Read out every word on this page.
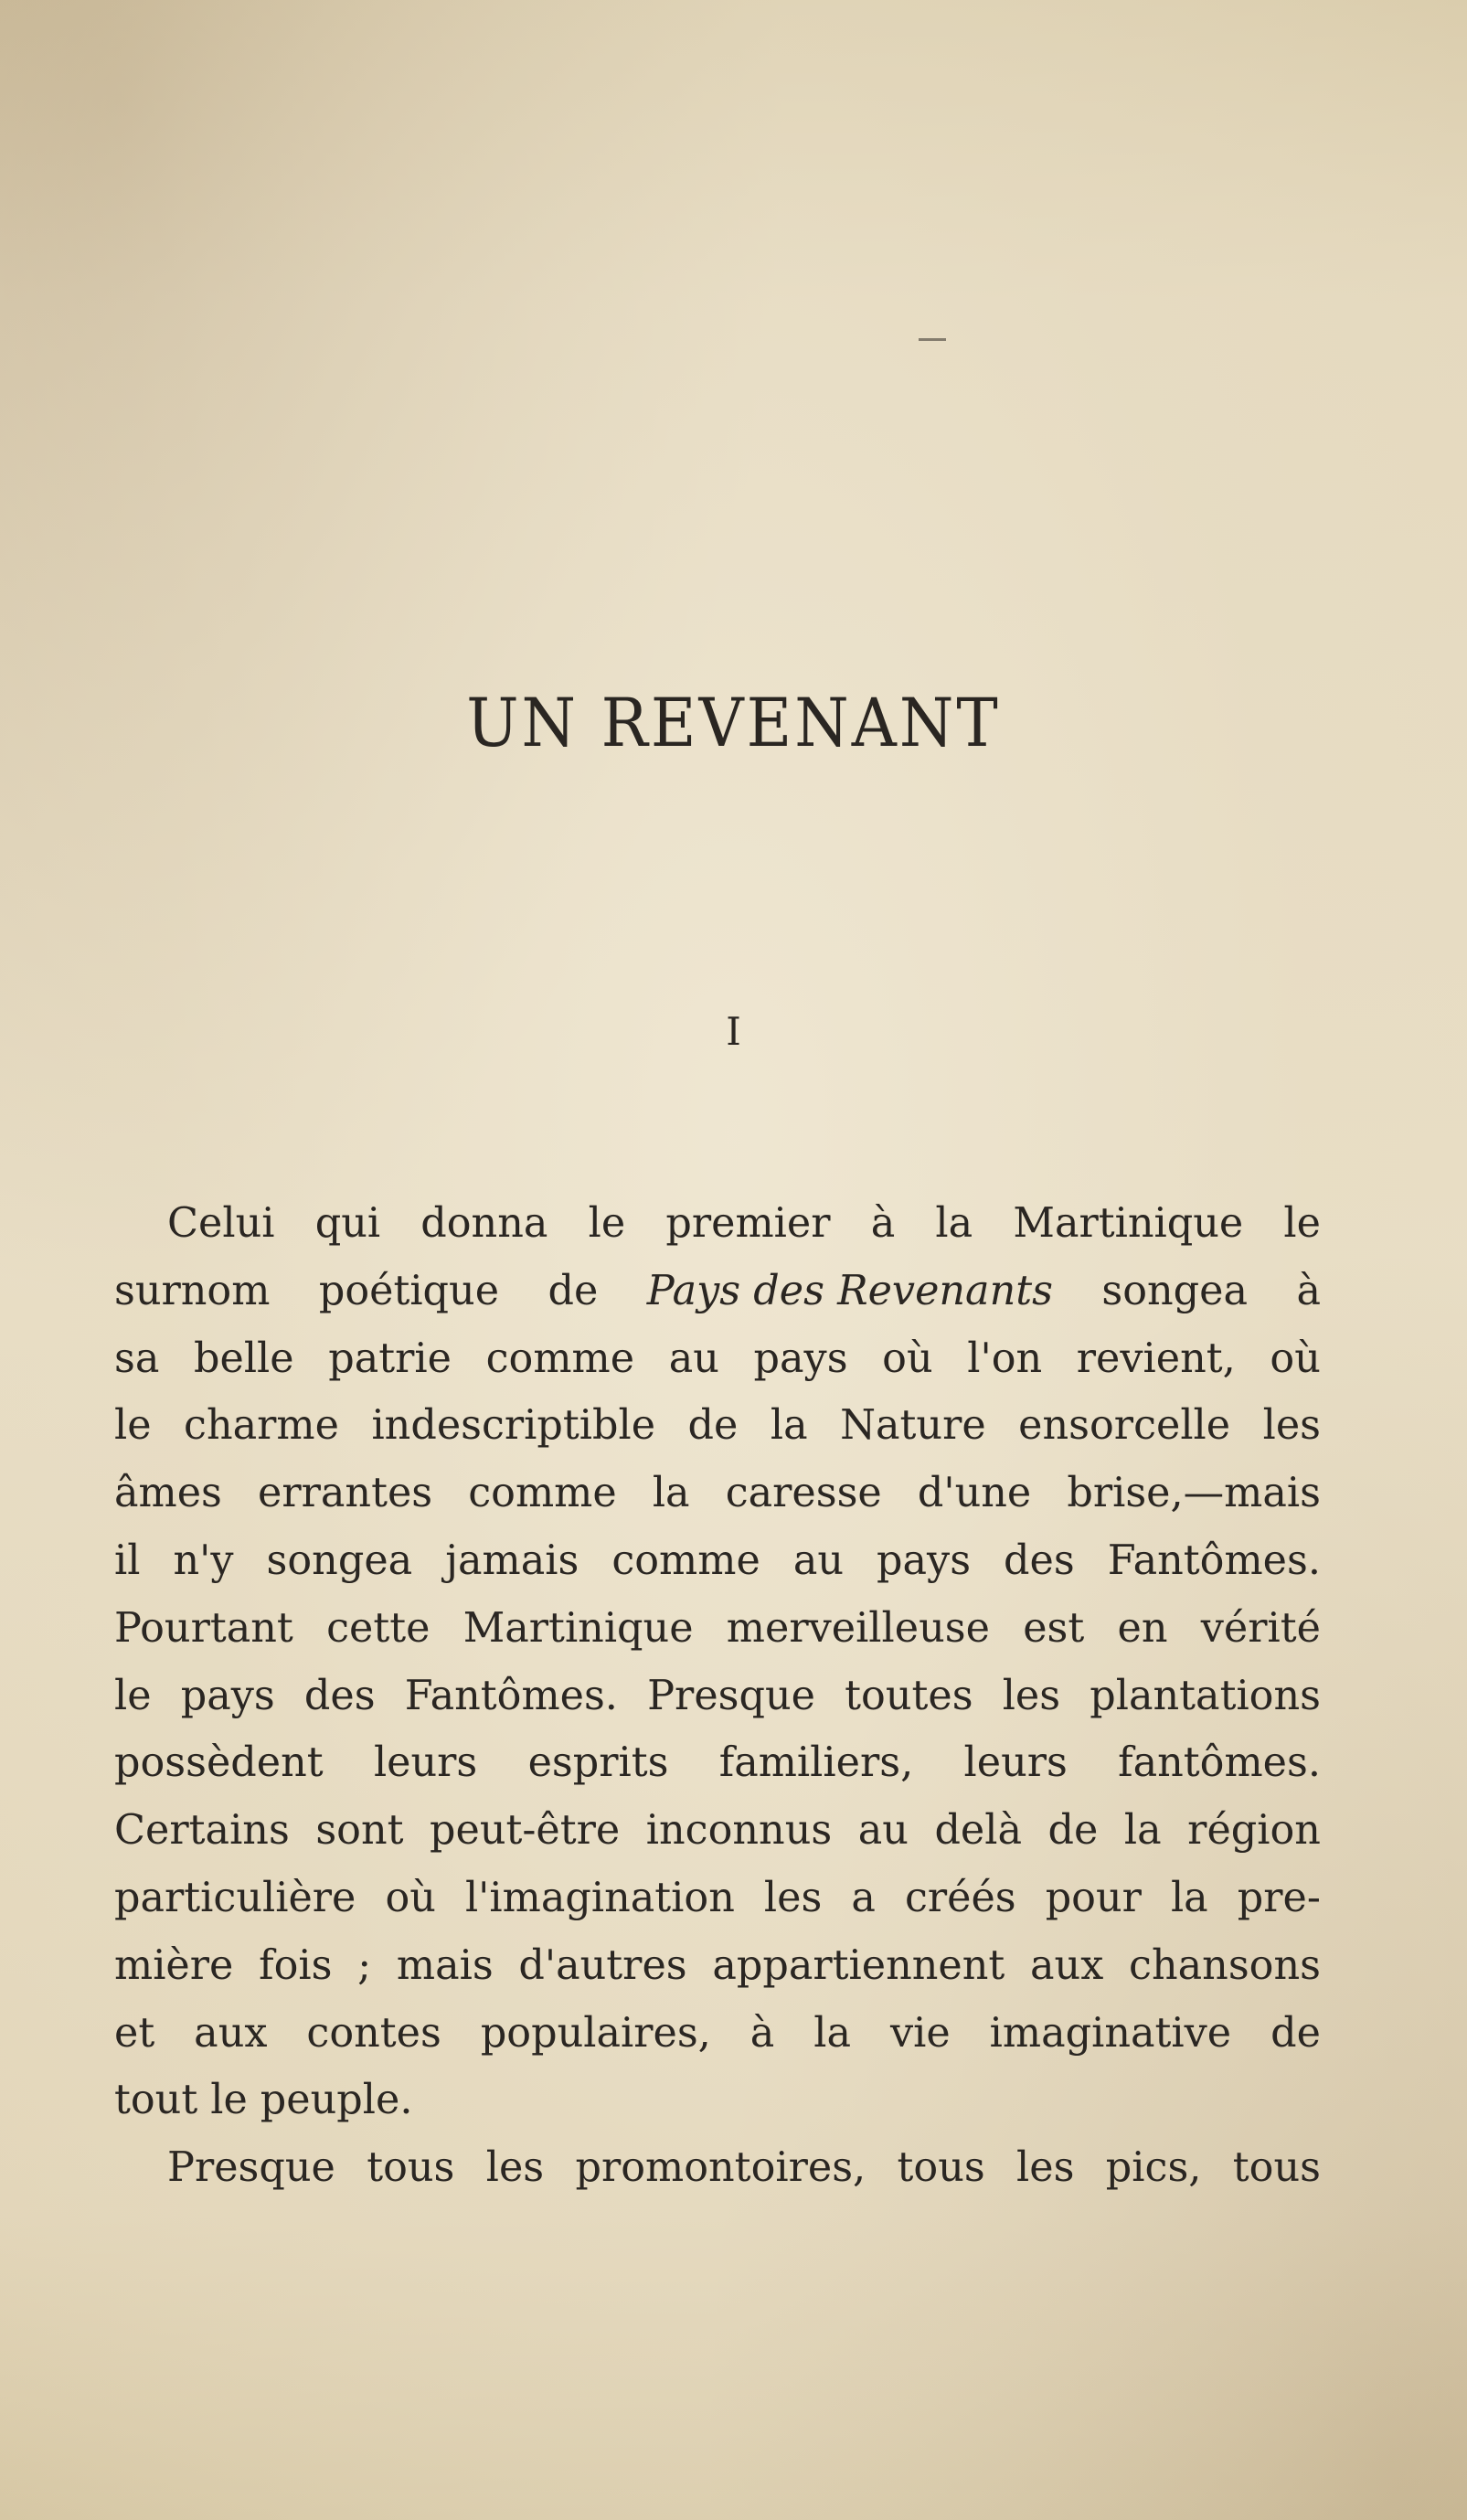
UN REVENANT
I
Celui qui donna le premier à la Martinique le
surnom poétique de Pays des Revenants songea à
sa belle patrie comme au pays où l'on revient, où
le charme indescriptible de la Nature ensorcelle les
âmes errantes comme la caresse d'une brise,—mais
il n'y songea jamais comme au pays des Fantômes.
Pourtant cette Martinique merveilleuse est en vérité
le pays des Fantômes. Presque toutes les plantations
possèdent leurs esprits familiers, leurs fantômes.
Certains sont peut-être inconnus au delà de la région
particulière où l'imagination les a créés pour la pre-
mière fois ; mais d'autres appartiennent aux chansons
et aux contes populaires, à la vie imaginative de
tout le peuple.
Presque tous les promontoires, tous les pics, tous
